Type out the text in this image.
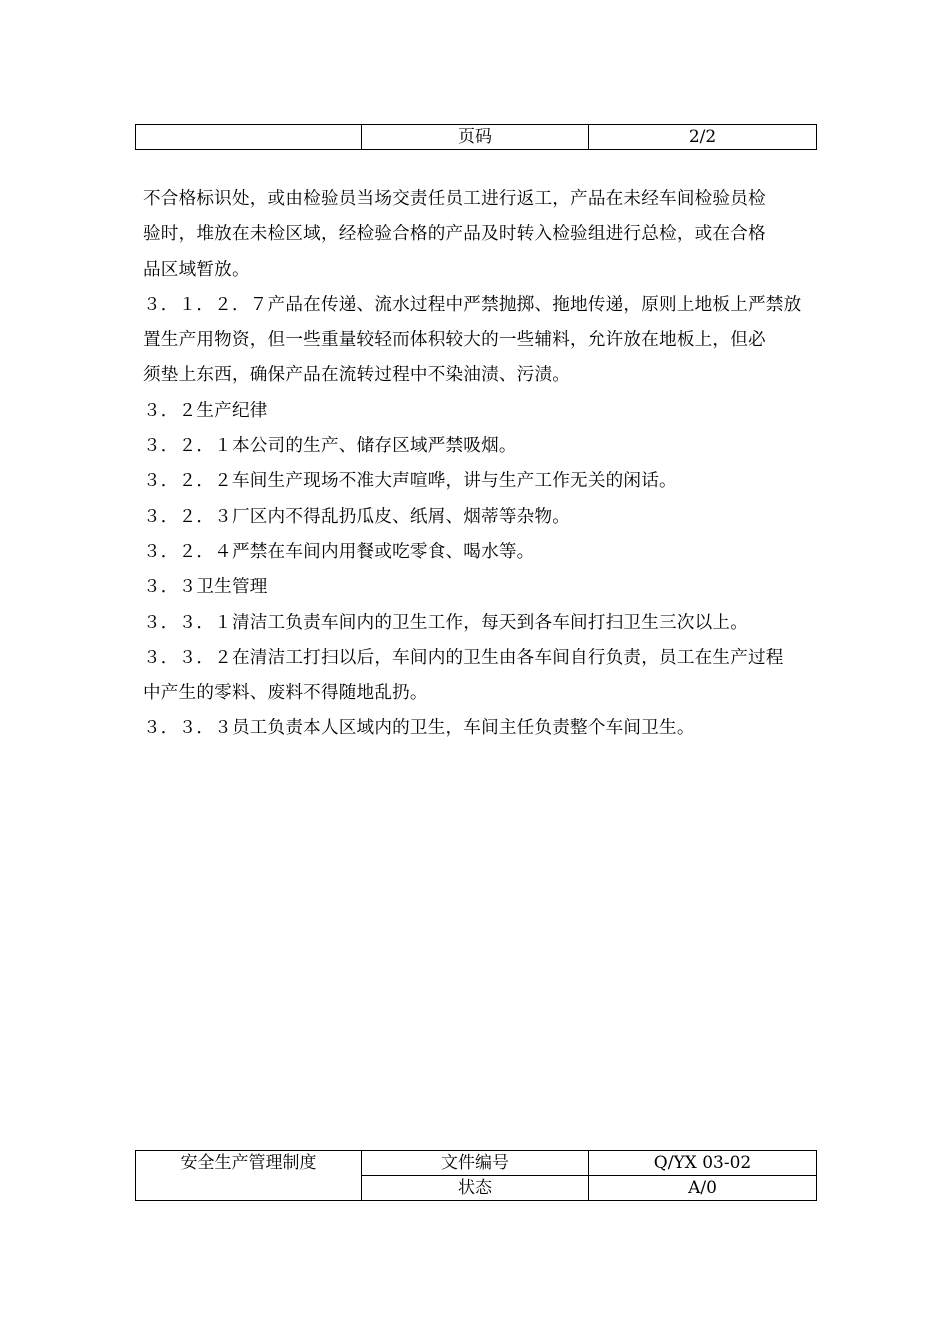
	页码	2/2

不合格标识处，或由检验员当场交责任员工进行返工，产品在未经车间检验员检

验时，堆放在未检区域，经检验合格的产品及时转入检验组进行总检，或在合格

品区域暂放。

３．１．２．７产品在传递、流水过程中严禁抛掷、拖地传递，原则上地板上严禁放

置生产用物资，但一些重量较轻而体积较大的一些辅料，允许放在地板上，但必

须垫上东西，确保产品在流转过程中不染油渍、污渍。

３．２生产纪律

３．２．１本公司的生产、储存区域严禁吸烟。

３．２．２车间生产现场不准大声喧哗，讲与生产工作无关的闲话。

３．２．３厂区内不得乱扔瓜皮、纸屑、烟蒂等杂物。

３．２．４严禁在车间内用餐或吃零食、喝水等。

３．３卫生管理

３．３．１清洁工负责车间内的卫生工作，每天到各车间打扫卫生三次以上。

３．３．２在清洁工打扫以后，车间内的卫生由各车间自行负责，员工在生产过程

中产生的零料、废料不得随地乱扔。

３．３．３员工负责本人区域内的卫生，车间主任负责整个车间卫生。

安全生产管理制度	文件编号	Q/YX 03-02
	状态	A/0
